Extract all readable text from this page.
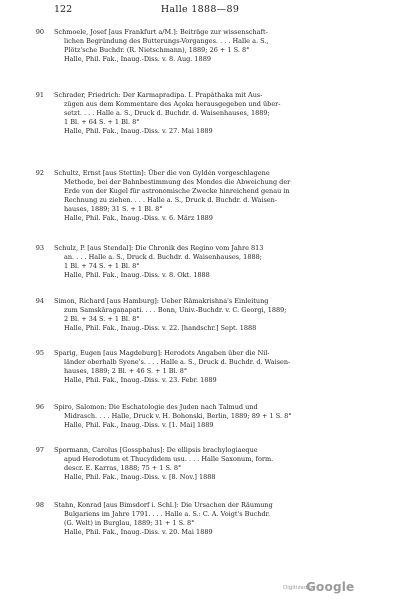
122	Halle 1888—89
90 Schmoele, Josef [aus Frankfurt a/M.]: Beiträge zur wissenschaft-
lichen Begründung des Butterungs-Vorganges. . . . Halle a. S.,
Plötz'sche Buchdr. (R. Nietschmann), 1889; 26 + 1 S. 8°
Halle, Phil. Fak., Inaug.-Diss. v. 8. Aug. 1889
91 Schrader, Friedrich: Der Karmapradipa. I. Prapâthaka mit Aus-
zügen aus dem Kommentare des Açoka herausgegeben und über-
setzt. . . . Halle a. S., Druck d. Buchdr. d. Waisenhauses, 1889;
1 Bl. + 64 S. + 1 Bl. 8°
Halle, Phil. Fak., Inaug.-Diss. v. 27. Mai 1889
92 Schultz, Ernst [aus Stettin]: Über die von Gyldén vorgeschlagene
Methode, bei der Bahnbestimmung des Mondes die Abweichung der
Erde von der Kugel für astronomische Zwecke hinreichend genau in
Rechnung zu ziehen. . . . Halle a. S., Druck d. Buchdr. d. Waisen-
hauses, 1889; 31 S. + 1 Bl. 8°
Halle, Phil. Fak., Inaug.-Diss. v. 6. März 1889
93 Schulz, P. [aus Stendal]: Die Chronik des Regino vom Jahre 813
an. . . . Halle a. S., Druck d. Buchdr. d. Waisenhauses, 1888;
1 Bl. + 74 S. + 1 Bl. 8°
Halle, Phil. Fak., Inaug.-Diss. v. 8. Okt. 1888
94 Simon, Richard [aus Hamburg]: Ueber Rāmakrishna's Einleitung
zum Samskāragaņapati. . . . Bonn, Univ.-Buchdr. v. C. Georgi, 1889;
2 Bl. + 34 S. + 1 Bl. 8°
Halle, Phil. Fak., Inaug.-Diss. v. 22. [handschr.] Sept. 1888
95 Sparig, Eugen [aus Magdeburg]: Herodots Angaben über die Nil-
länder oberhalb Syene's. . . . Halle a. S., Druck d. Buchdr. d. Waisen-
hauses, 1889; 2 Bl. + 46 S. + 1 Bl. 8°
Halle, Phil. Fak., Inaug.-Diss. v. 23. Febr. 1889
96 Spiro, Salomon: Die Eschatologie des Juden nach Talmud und
Midrasch. . . . Halle, Druck v. H. Bohonski, Berlin, 1889; 89 + 1 S. 8°
Halle, Phil. Fak., Inaug.-Diss. v. [1. Mai] 1889
97 Spormann, Carolus [Gossphalus]: De ellipsis brachylogiaeque
apud Herodotum et Thucydidem usu. . . . Halle Saxonum, form.
descr. E. Karras, 1888; 75 + 1 S. 8°
Halle, Phil. Fak., Inaug.-Diss. v. [8. Nov.] 1888
98 Stahn, Konrad [aus Bimsdorf i. Schl.]: Die Ursachen der Räumung
Bulgariens im Jahre 1791. . . . Halle a. S.: C. A. Voigt's Buchdr.
(G. Welt) in Burglau, 1889; 31 + 1 S. 8°
Halle, Phil. Fak., Inaug.-Diss. v. 20. Mai 1889
Digitized by
Google
